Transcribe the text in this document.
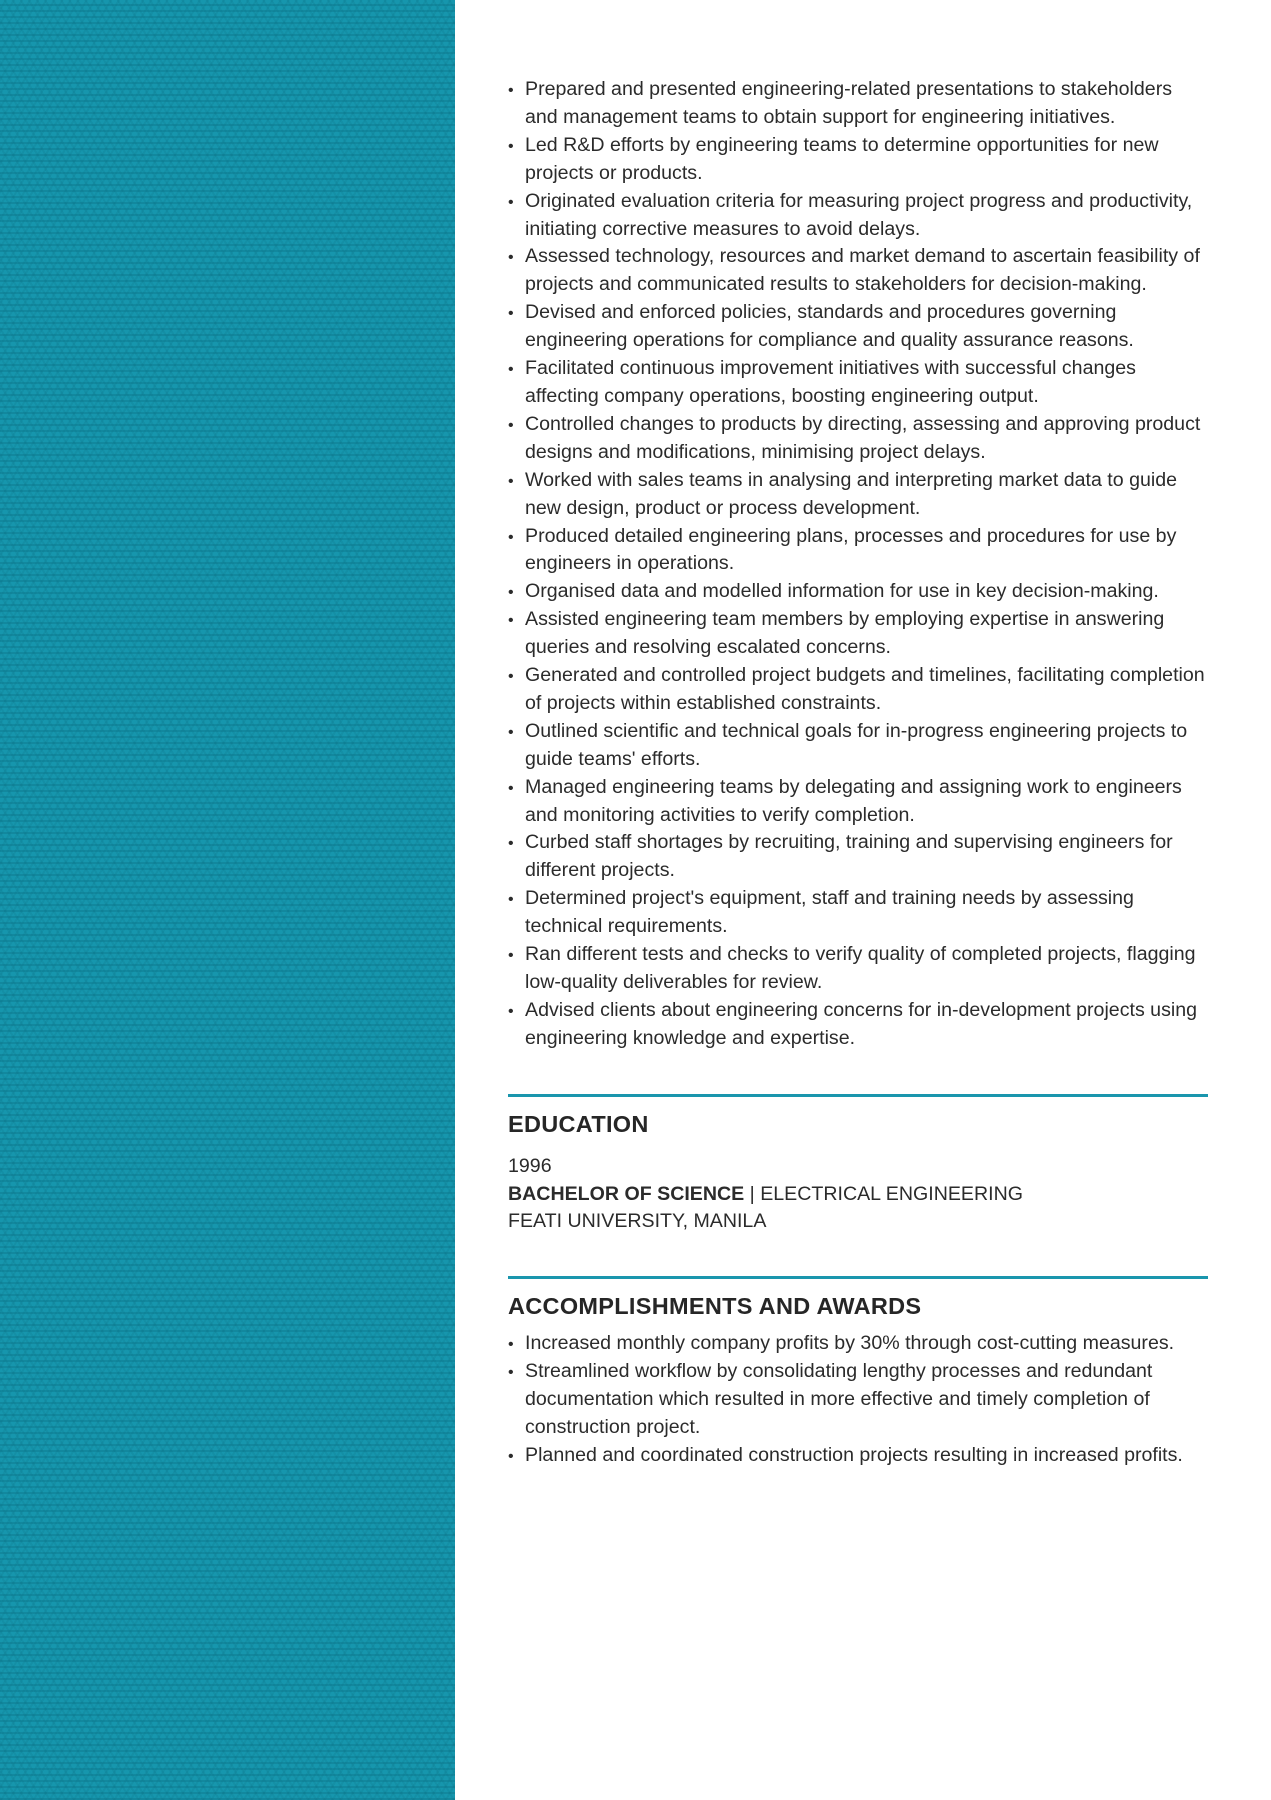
• Prepared and presented engineering-related presentations to stakeholders and management teams to obtain support for engineering initiatives.
• Led R&D efforts by engineering teams to determine opportunities for new projects or products.
• Originated evaluation criteria for measuring project progress and productivity, initiating corrective measures to avoid delays.
• Assessed technology, resources and market demand to ascertain feasibility of projects and communicated results to stakeholders for decision-making.
• Devised and enforced policies, standards and procedures governing engineering operations for compliance and quality assurance reasons.
• Facilitated continuous improvement initiatives with successful changes affecting company operations, boosting engineering output.
• Controlled changes to products by directing, assessing and approving product designs and modifications, minimising project delays.
• Worked with sales teams in analysing and interpreting market data to guide new design, product or process development.
• Produced detailed engineering plans, processes and procedures for use by engineers in operations.
• Organised data and modelled information for use in key decision-making.
• Assisted engineering team members by employing expertise in answering queries and resolving escalated concerns.
• Generated and controlled project budgets and timelines, facilitating completion of projects within established constraints.
• Outlined scientific and technical goals for in-progress engineering projects to guide teams' efforts.
• Managed engineering teams by delegating and assigning work to engineers and monitoring activities to verify completion.
• Curbed staff shortages by recruiting, training and supervising engineers for different projects.
• Determined project's equipment, staff and training needs by assessing technical requirements.
• Ran different tests and checks to verify quality of completed projects, flagging low-quality deliverables for review.
• Advised clients about engineering concerns for in-development projects using engineering knowledge and expertise.
EDUCATION
1996
BACHELOR OF SCIENCE | ELECTRICAL ENGINEERING
FEATI UNIVERSITY, MANILA
ACCOMPLISHMENTS AND AWARDS
• Increased monthly company profits by 30% through cost-cutting measures.
• Streamlined workflow by consolidating lengthy processes and redundant documentation which resulted in more effective and timely completion of construction project.
• Planned and coordinated construction projects resulting in increased profits.
